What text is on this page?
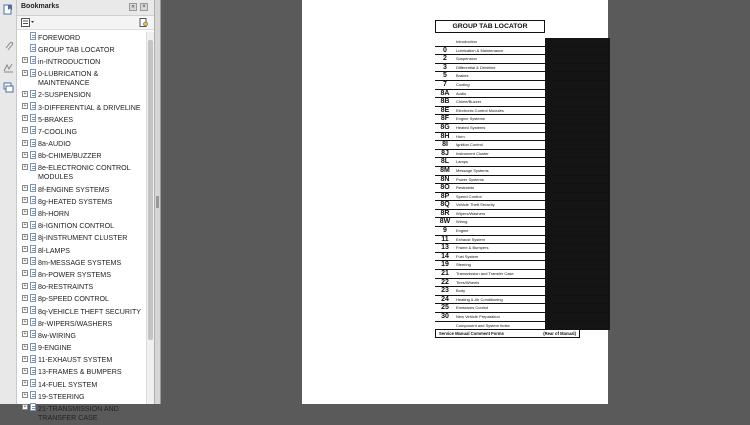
Bookmarks	«	×
FOREWORD
GROUP TAB LOCATOR
+ in-INTRODUCTION
+ 0-LUBRICATION & MAINTENANCE
+ 2-SUSPENSION
+ 3-DIFFERENTIAL & DRIVELINE
+ 5-BRAKES
+ 7-COOLING
+ 8a-AUDIO
+ 8b-CHIME/BUZZER
+ 8e-ELECTRONIC CONTROL MODULES
+ 8f-ENGINE SYSTEMS
+ 8g-HEATED SYSTEMS
+ 8h-HORN
+ 8i-IGNITION CONTROL
+ 8j-INSTRUMENT CLUSTER
+ 8l-LAMPS
+ 8m-MESSAGE SYSTEMS
+ 8n-POWER SYSTEMS
+ 8o-RESTRAINTS
+ 8p-SPEED CONTROL
+ 8q-VEHICLE THEFT SECURITY
+ 8r-WIPERS/WASHERS
+ 8w-WIRING
+ 9-ENGINE
+ 11-EXHAUST SYSTEM
+ 13-FRAMES & BUMPERS
+ 14-FUEL SYSTEM
+ 19-STEERING
+ 21-TRANSMISSION AND TRANSFER CASE
GROUP TAB LOCATOR
Introduction
0	Lubrication & Maintenance
2	Suspension
3	Differential & Driveline
5	Brakes
7	Cooling
8A	Audio
8B	Chime/Buzzer
8E	Electronic Control Modules
8F	Engine Systems
8G	Heated Systems
8H	Horn
8I	Ignition Control
8J	Instrument Cluster
8L	Lamps
8M	Message Systems
8N	Power Systems
8O	Restraints
8P	Speed Control
8Q	Vehicle Theft Security
8R	Wipers/Washers
8W	Wiring
9	Engine
11	Exhaust System
13	Frame & Bumpers
14	Fuel System
19	Steering
21	Transmission and Transfer Case
22	Tires/Wheels
23	Body
24	Heating & Air Conditioning
25	Emissions Control
30	New Vehicle Preparation
Component and System Index
Service Manual Comment Forms	(Rear of Manual)
